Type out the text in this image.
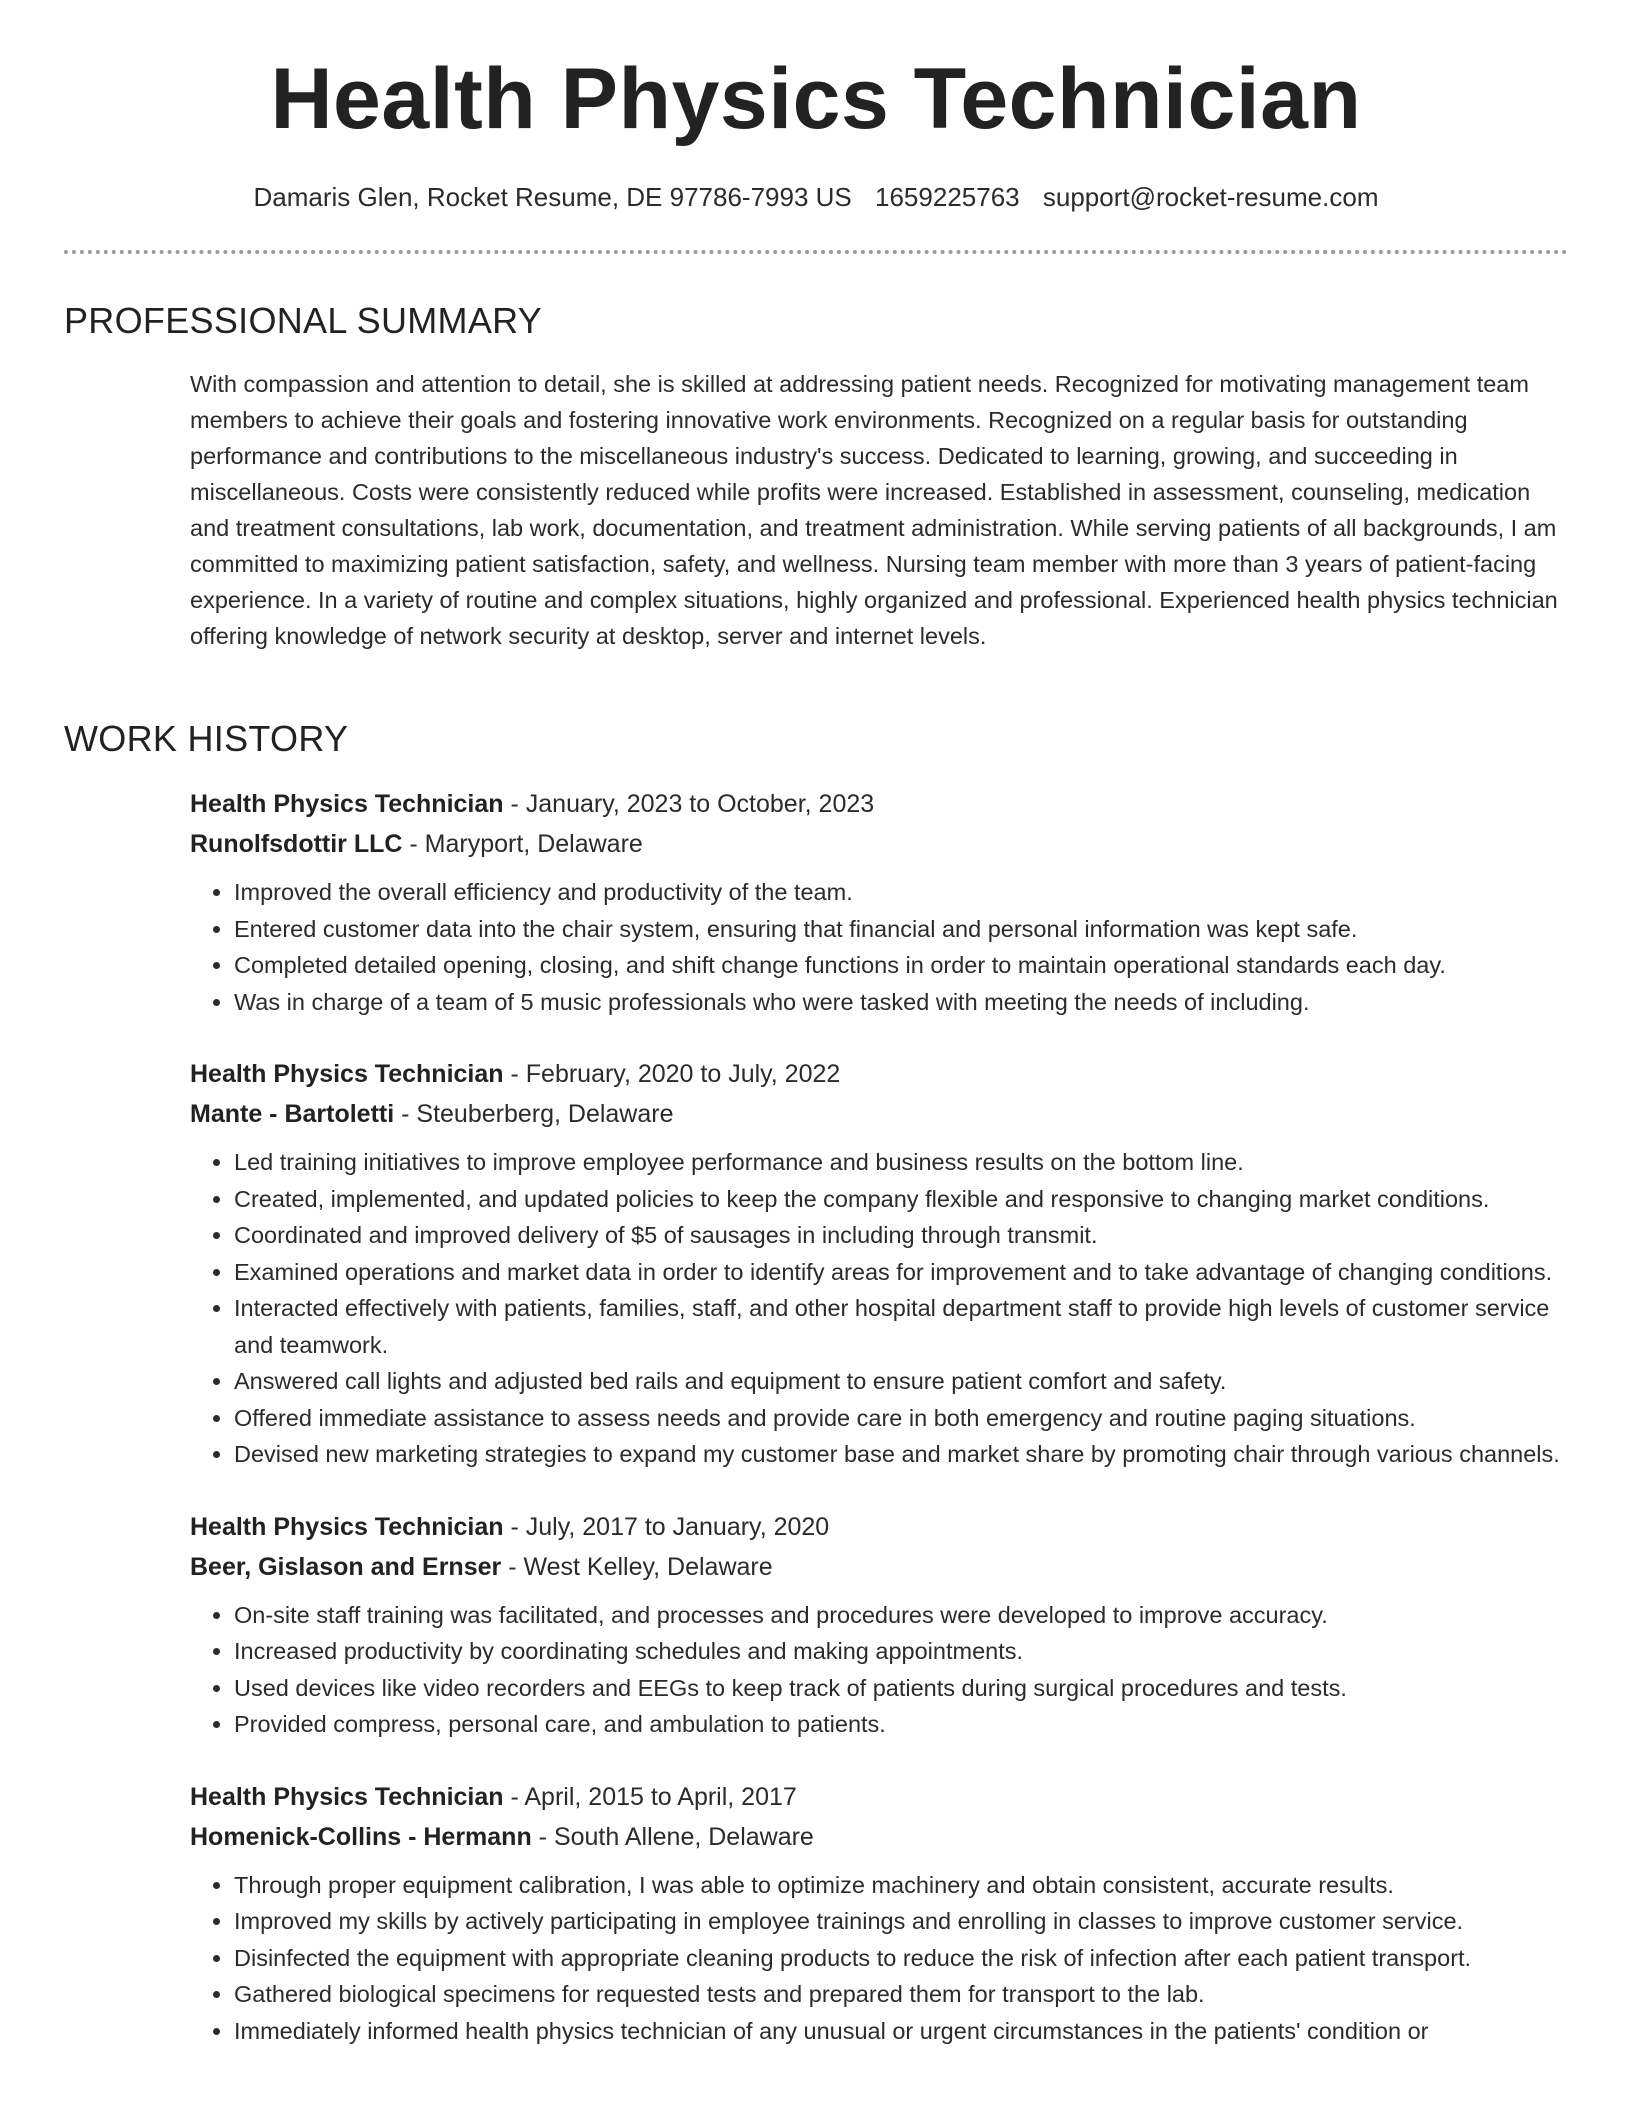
Health Physics Technician
Damaris Glen, Rocket Resume, DE 97786-7993 US 1659225763 support@rocket-resume.com
PROFESSIONAL SUMMARY

With compassion and attention to detail, she is skilled at addressing patient needs. Recognized for motivating management team members to achieve their goals and fostering innovative work environments. Recognized on a regular basis for outstanding performance and contributions to the miscellaneous industry's success. Dedicated to learning, growing, and succeeding in miscellaneous. Costs were consistently reduced while profits were increased. Established in assessment, counseling, medication and treatment consultations, lab work, documentation, and treatment administration. While serving patients of all backgrounds, I am committed to maximizing patient satisfaction, safety, and wellness. Nursing team member with more than 3 years of patient-facing experience. In a variety of routine and complex situations, highly organized and professional. Experienced health physics technician offering knowledge of network security at desktop, server and internet levels.

WORK HISTORY
Health Physics Technician - January, 2023 to October, 2023
Runolfsdottir LLC - Maryport, Delaware
• Improved the overall efficiency and productivity of the team.
• Entered customer data into the chair system, ensuring that financial and personal information was kept safe.
• Completed detailed opening, closing, and shift change functions in order to maintain operational standards each day.
• Was in charge of a team of 5 music professionals who were tasked with meeting the needs of including.
Health Physics Technician - February, 2020 to July, 2022
Mante - Bartoletti - Steuberberg, Delaware
• Led training initiatives to improve employee performance and business results on the bottom line.
• Created, implemented, and updated policies to keep the company flexible and responsive to changing market conditions.
• Coordinated and improved delivery of $5 of sausages in including through transmit.
• Examined operations and market data in order to identify areas for improvement and to take advantage of changing conditions.
• Interacted effectively with patients, families, staff, and other hospital department staff to provide high levels of customer service and teamwork.
• Answered call lights and adjusted bed rails and equipment to ensure patient comfort and safety.
• Offered immediate assistance to assess needs and provide care in both emergency and routine paging situations.
• Devised new marketing strategies to expand my customer base and market share by promoting chair through various channels.
Health Physics Technician - July, 2017 to January, 2020
Beer, Gislason and Ernser - West Kelley, Delaware
• On-site staff training was facilitated, and processes and procedures were developed to improve accuracy.
• Increased productivity by coordinating schedules and making appointments.
• Used devices like video recorders and EEGs to keep track of patients during surgical procedures and tests.
• Provided compress, personal care, and ambulation to patients.
Health Physics Technician - April, 2015 to April, 2017
Homenick-Collins - Hermann - South Allene, Delaware
• Through proper equipment calibration, I was able to optimize machinery and obtain consistent, accurate results.
• Improved my skills by actively participating in employee trainings and enrolling in classes to improve customer service.
• Disinfected the equipment with appropriate cleaning products to reduce the risk of infection after each patient transport.
• Gathered biological specimens for requested tests and prepared them for transport to the lab.
• Immediately informed health physics technician of any unusual or urgent circumstances in the patients' condition or
